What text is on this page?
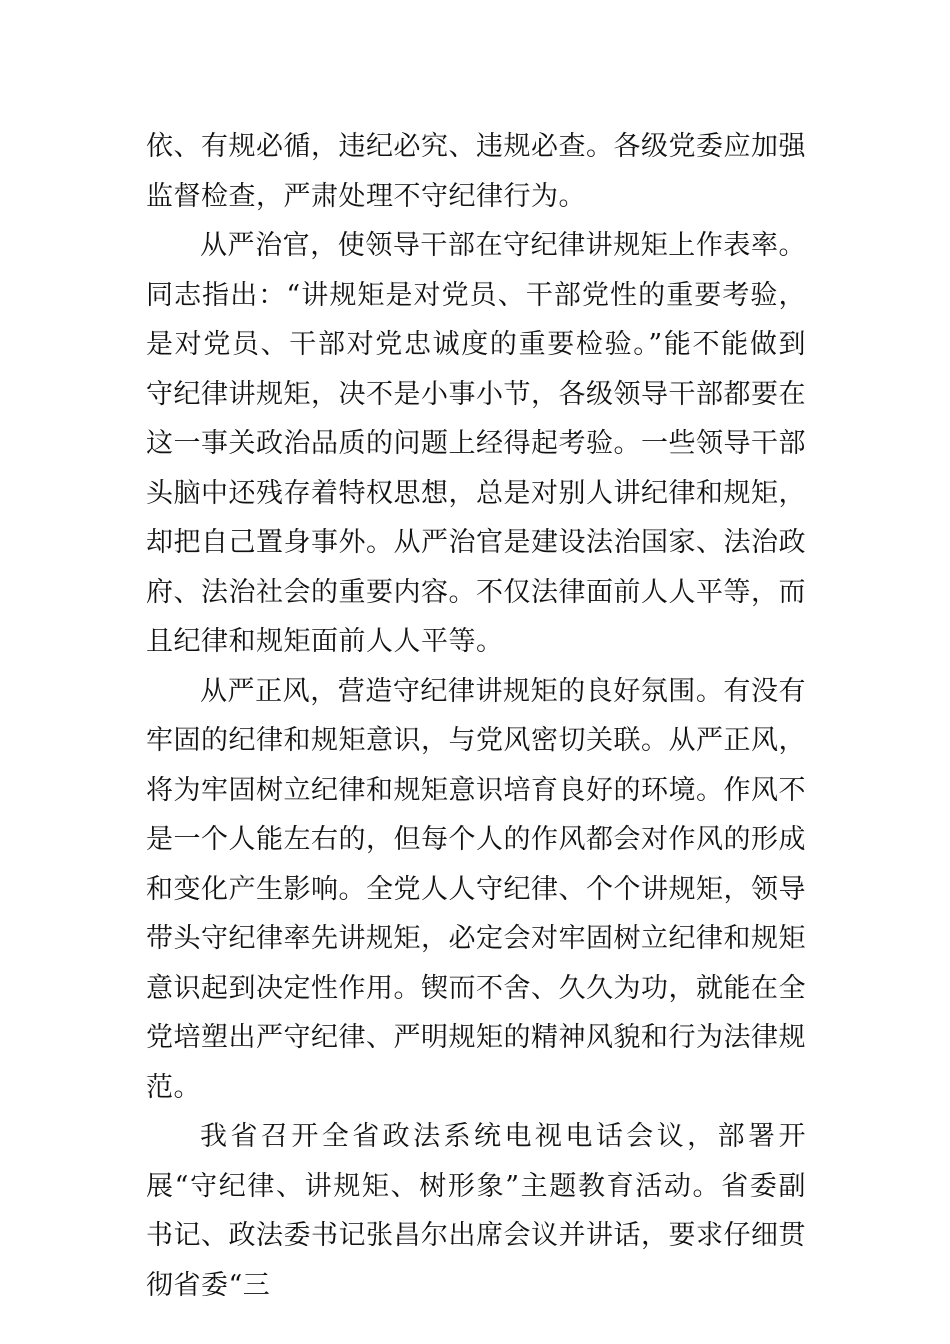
依、有规必循，违纪必究、违规必查。各级党委应加强监督检查，严肃处理不守纪律行为。

从严治官，使领导干部在守纪律讲规矩上作表率。同志指出：“讲规矩是对党员、干部党性的重要考验，是对党员、干部对党忠诚度的重要检验。”能不能做到守纪律讲规矩，决不是小事小节，各级领导干部都要在这一事关政治品质的问题上经得起考验。一些领导干部头脑中还残存着特权思想，总是对别人讲纪律和规矩，却把自己置身事外。从严治官是建设法治国家、法治政府、法治社会的重要内容。不仅法律面前人人平等，而且纪律和规矩面前人人平等。

从严正风，营造守纪律讲规矩的良好氛围。有没有牢固的纪律和规矩意识，与党风密切关联。从严正风，将为牢固树立纪律和规矩意识培育良好的环境。作风不是一个人能左右的，但每个人的作风都会对作风的形成和变化产生影响。全党人人守纪律、个个讲规矩，领导带头守纪律率先讲规矩，必定会对牢固树立纪律和规矩意识起到决定性作用。锲而不舍、久久为功，就能在全党培塑出严守纪律、严明规矩的精神风貌和行为法律规范。

我省召开全省政法系统电视电话会议，部署开展“守纪律、讲规矩、树形象”主题教育活动。省委副书记、政法委书记张昌尔出席会议并讲话，要求仔细贯彻省委“三
